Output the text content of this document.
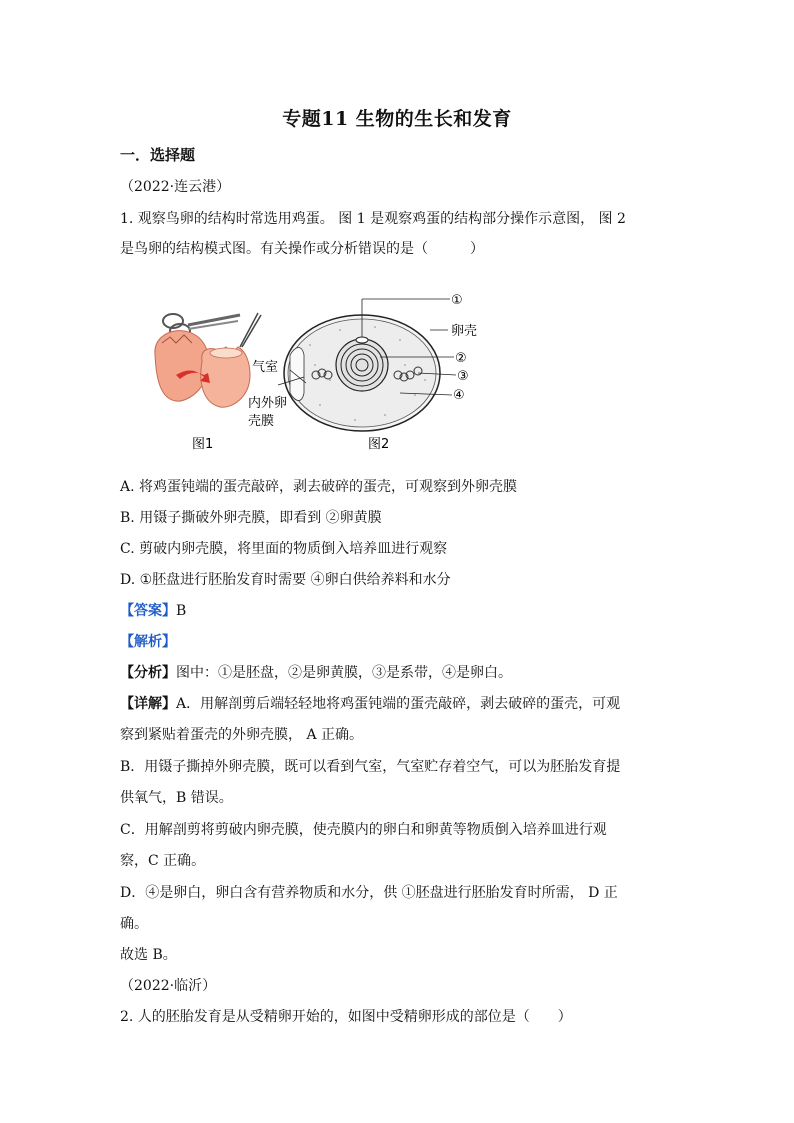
专题11 生物的生长和发育
一．选择题
（2022·连云港）
1. 观察鸟卵的结构时常选用鸡蛋。 图 1 是观察鸡蛋的结构部分操作示意图， 图 2
是鸟卵的结构模式图。有关操作或分析错误的是（　　　）
图1
①
卵壳
②
③
④
气室
内外卵
壳膜
图2
A. 将鸡蛋钝端的蛋壳敲碎，剥去破碎的蛋壳，可观察到外卵壳膜
B. 用镊子撕破外卵壳膜，即看到 ②卵黄膜
C. 剪破内卵壳膜，将里面的物质倒入培养皿进行观察
D. ①胚盘进行胚胎发育时需要 ④卵白供给养料和水分
【答案】B
【解析】
【分析】图中：①是胚盘，②是卵黄膜，③是系带，④是卵白。
【详解】A．用解剖剪后端轻轻地将鸡蛋钝端的蛋壳敲碎，剥去破碎的蛋壳，可观
察到紧贴着蛋壳的外卵壳膜， A 正确。
B．用镊子撕掉外卵壳膜，既可以看到气室，气室贮存着空气，可以为胚胎发育提
供氧气，B 错误。
C．用解剖剪将剪破内卵壳膜，使壳膜内的卵白和卵黄等物质倒入培养皿进行观
察，C 正确。
D．④是卵白，卵白含有营养物质和水分，供 ①胚盘进行胚胎发育时所需， D 正
确。
故选 B。
（2022·临沂）
2. 人的胚胎发育是从受精卵开始的，如图中受精卵形成的部位是（　　）
